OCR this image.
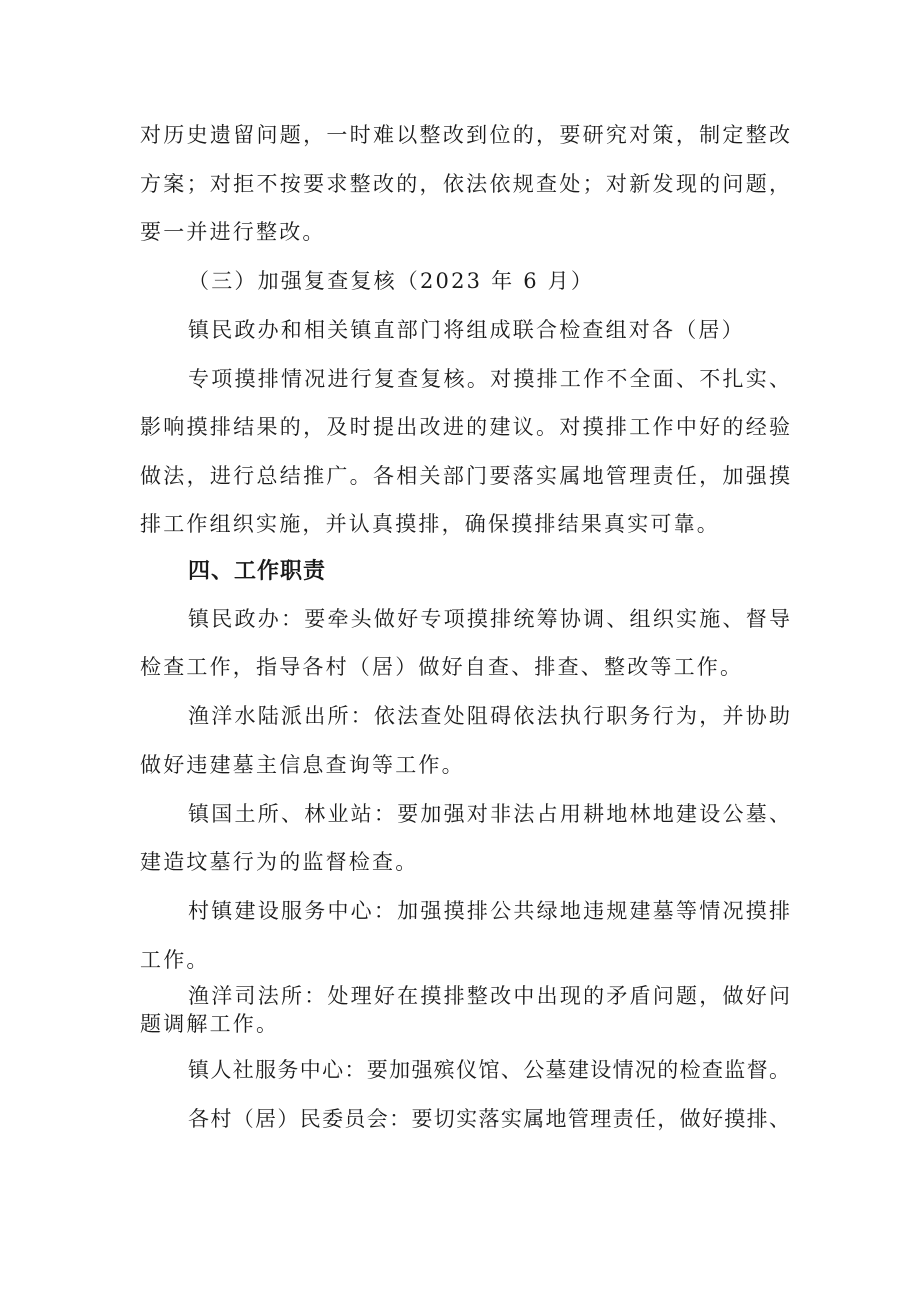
对历史遗留问题，一时难以整改到位的，要研究对策，制定整改
方案；对拒不按要求整改的，依法依规查处；对新发现的问题，
要一并进行整改。
（三）加强复查复核（2023 年 6 月）
镇民政办和相关镇直部门将组成联合检查组对各（居）
专项摸排情况进行复查复核。对摸排工作不全面、不扎实、
影响摸排结果的，及时提出改进的建议。对摸排工作中好的经验
做法，进行总结推广。各相关部门要落实属地管理责任，加强摸
排工作组织实施，并认真摸排，确保摸排结果真实可靠。
四、工作职责
镇民政办：要牵头做好专项摸排统筹协调、组织实施、督导
检查工作，指导各村（居）做好自查、排查、整改等工作。
渔洋水陆派出所：依法查处阻碍依法执行职务行为，并协助
做好违建墓主信息查询等工作。
镇国土所、林业站：要加强对非法占用耕地林地建设公墓、
建造坟墓行为的监督检查。
村镇建设服务中心：加强摸排公共绿地违规建墓等情况摸排
工作。
渔洋司法所：处理好在摸排整改中出现的矛盾问题，做好问
题调解工作。
镇人社服务中心：要加强殡仪馆、公墓建设情况的检查监督。
各村（居）民委员会：要切实落实属地管理责任，做好摸排、
